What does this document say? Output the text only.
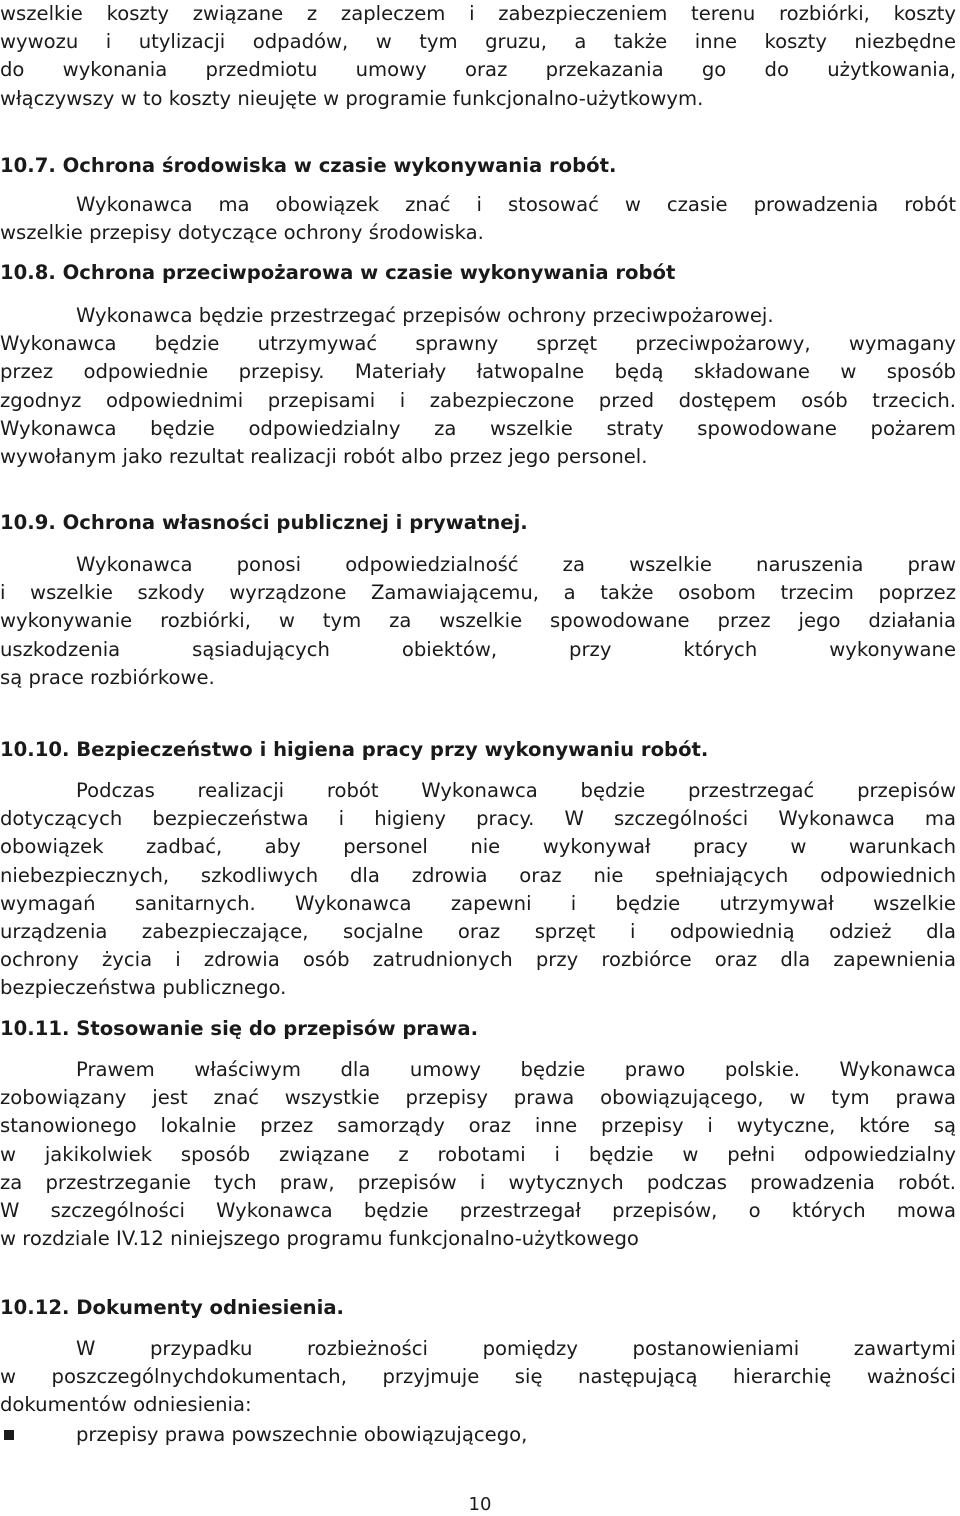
wszelkie koszty związane z zapleczem i zabezpieczeniem terenu rozbiórki, koszty
wywozu i utylizacji odpadów, w tym gruzu, a także inne koszty niezbędne
do wykonania przedmiotu umowy oraz przekazania go do użytkowania,
włączywszy w to koszty nieujęte w programie funkcjonalno-użytkowym.
10.7. Ochrona środowiska w czasie wykonywania robót.
Wykonawca ma obowiązek znać i stosować w czasie prowadzenia robót
wszelkie przepisy dotyczące ochrony środowiska.
10.8. Ochrona przeciwpożarowa w czasie wykonywania robót
Wykonawca będzie przestrzegać przepisów ochrony przeciwpożarowej.
Wykonawca będzie utrzymywać sprawny sprzęt przeciwpożarowy, wymagany
przez odpowiednie przepisy. Materiały łatwopalne będą składowane w sposób
zgodnyz odpowiednimi przepisami i zabezpieczone przed dostępem osób trzecich.
Wykonawca będzie odpowiedzialny za wszelkie straty spowodowane pożarem
wywołanym jako rezultat realizacji robót albo przez jego personel.
10.9. Ochrona własności publicznej i prywatnej.
Wykonawca ponosi odpowiedzialność za wszelkie naruszenia praw
i wszelkie szkody wyrządzone Zamawiającemu, a także osobom trzecim poprzez
wykonywanie rozbiórki, w tym za wszelkie spowodowane przez jego działania
uszkodzenia sąsiadujących obiektów, przy których wykonywane
są prace rozbiórkowe.
10.10. Bezpieczeństwo i higiena pracy przy wykonywaniu robót.
Podczas realizacji robót Wykonawca będzie przestrzegać przepisów
dotyczących bezpieczeństwa i higieny pracy. W szczególności Wykonawca ma
obowiązek zadbać, aby personel nie wykonywał pracy w warunkach
niebezpiecznych, szkodliwych dla zdrowia oraz nie spełniających odpowiednich
wymagań sanitarnych. Wykonawca zapewni i będzie utrzymywał wszelkie
urządzenia zabezpieczające, socjalne oraz sprzęt i odpowiednią odzież dla
ochrony życia i zdrowia osób zatrudnionych przy rozbiórce oraz dla zapewnienia
bezpieczeństwa publicznego.
10.11. Stosowanie się do przepisów prawa.
Prawem właściwym dla umowy będzie prawo polskie. Wykonawca
zobowiązany jest znać wszystkie przepisy prawa obowiązującego, w tym prawa
stanowionego lokalnie przez samorządy oraz inne przepisy i wytyczne, które są
w jakikolwiek sposób związane z robotami i będzie w pełni odpowiedzialny
za przestrzeganie tych praw, przepisów i wytycznych podczas prowadzenia robót.
W szczególności Wykonawca będzie przestrzegał przepisów, o których mowa
w rozdziale IV.12 niniejszego programu funkcjonalno-użytkowego
10.12. Dokumenty odniesienia.
W przypadku rozbieżności pomiędzy postanowieniami zawartymi
w poszczególnychdokumentach, przyjmuje się następującą hierarchię ważności
dokumentów odniesienia:
przepisy prawa powszechnie obowiązującego,
10
